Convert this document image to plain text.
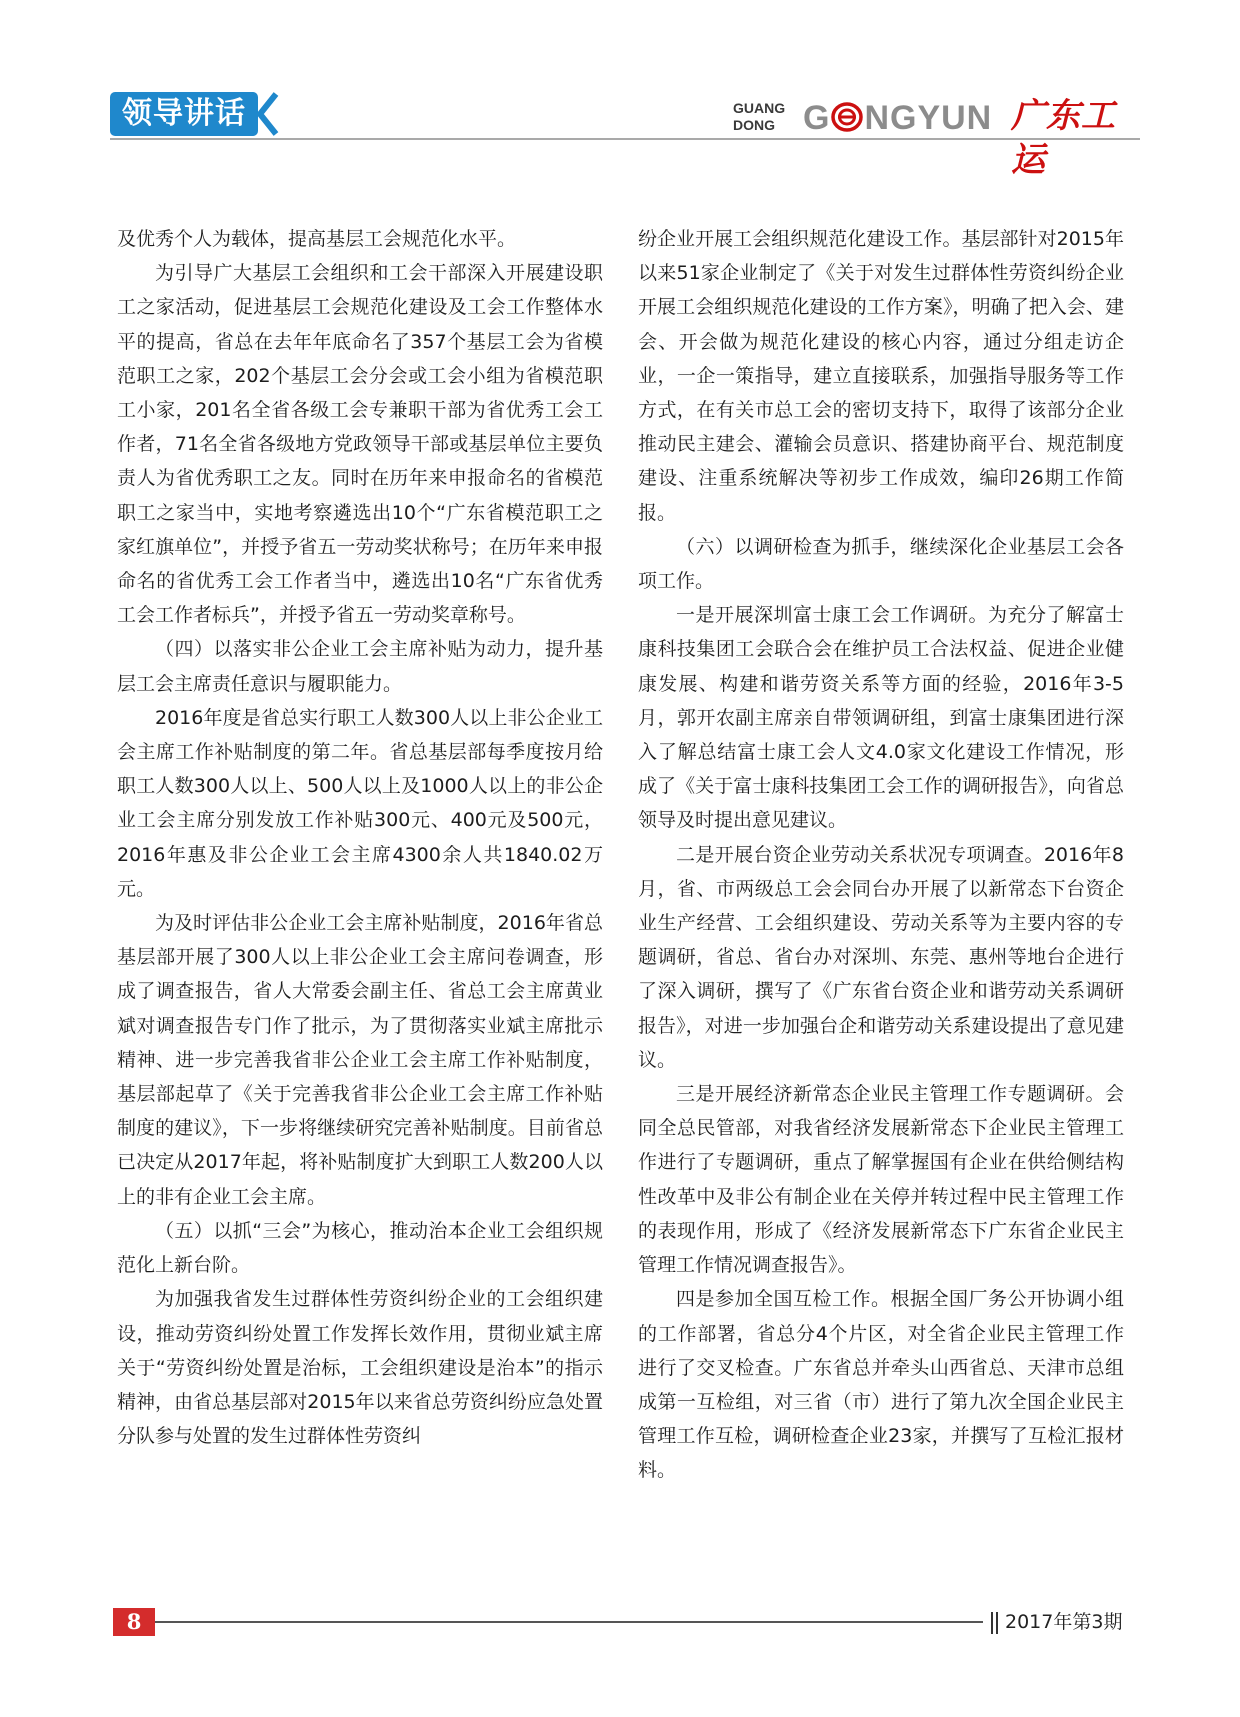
领导讲话	GUANG
DONG G NGYUN 广东工运

及优秀个人为载体，提高基层工会规范化水平。

为引导广大基层工会组织和工会干部深入开展建设职工之家活动，促进基层工会规范化建设及工会工作整体水平的提高，省总在去年年底命名了357个基层工会为省模范职工之家，202个基层工会分会或工会小组为省模范职工小家，201名全省各级工会专兼职干部为省优秀工会工作者，71名全省各级地方党政领导干部或基层单位主要负责人为省优秀职工之友。同时在历年来申报命名的省模范职工之家当中，实地考察遴选出10个“广东省模范职工之家红旗单位”，并授予省五一劳动奖状称号；在历年来申报命名的省优秀工会工作者当中，遴选出10名“广东省优秀工会工作者标兵”，并授予省五一劳动奖章称号。

（四）以落实非公企业工会主席补贴为动力，提升基层工会主席责任意识与履职能力。

2016年度是省总实行职工人数300人以上非公企业工会主席工作补贴制度的第二年。省总基层部每季度按月给职工人数300人以上、500人以上及1000人以上的非公企业工会主席分别发放工作补贴300元、400元及500元，2016年惠及非公企业工会主席4300余人共1840.02万元。

为及时评估非公企业工会主席补贴制度，2016年省总基层部开展了300人以上非公企业工会主席问卷调查，形成了调查报告，省人大常委会副主任、省总工会主席黄业斌对调查报告专门作了批示，为了贯彻落实业斌主席批示精神、进一步完善我省非公企业工会主席工作补贴制度，基层部起草了《关于完善我省非公企业工会主席工作补贴制度的建议》，下一步将继续研究完善补贴制度。目前省总已决定从2017年起，将补贴制度扩大到职工人数200人以上的非有企业工会主席。

（五）以抓“三会”为核心，推动治本企业工会组织规范化上新台阶。

为加强我省发生过群体性劳资纠纷企业的工会组织建设，推动劳资纠纷处置工作发挥长效作用，贯彻业斌主席关于“劳资纠纷处置是治标，工会组织建设是治本”的指示精神，由省总基层部对2015年以来省总劳资纠纷应急处置分队参与处置的发生过群体性劳资纠

纷企业开展工会组织规范化建设工作。基层部针对2015年以来51家企业制定了《关于对发生过群体性劳资纠纷企业开展工会组织规范化建设的工作方案》，明确了把入会、建会、开会做为规范化建设的核心内容，通过分组走访企业，一企一策指导，建立直接联系，加强指导服务等工作方式，在有关市总工会的密切支持下，取得了该部分企业推动民主建会、灌输会员意识、搭建协商平台、规范制度建设、注重系统解决等初步工作成效，编印26期工作简报。

（六）以调研检查为抓手，继续深化企业基层工会各项工作。

一是开展深圳富士康工会工作调研。为充分了解富士康科技集团工会联合会在维护员工合法权益、促进企业健康发展、构建和谐劳资关系等方面的经验，2016年3-5月，郭开农副主席亲自带领调研组，到富士康集团进行深入了解总结富士康工会人文4.0家文化建设工作情况，形成了《关于富士康科技集团工会工作的调研报告》，向省总领导及时提出意见建议。

二是开展台资企业劳动关系状况专项调查。2016年8月，省、市两级总工会会同台办开展了以新常态下台资企业生产经营、工会组织建设、劳动关系等为主要内容的专题调研，省总、省台办对深圳、东莞、惠州等地台企进行了深入调研，撰写了《广东省台资企业和谐劳动关系调研报告》，对进一步加强台企和谐劳动关系建设提出了意见建议。

三是开展经济新常态企业民主管理工作专题调研。会同全总民管部，对我省经济发展新常态下企业民主管理工作进行了专题调研，重点了解掌握国有企业在供给侧结构性改革中及非公有制企业在关停并转过程中民主管理工作的表现作用，形成了《经济发展新常态下广东省企业民主管理工作情况调查报告》。

四是参加全国互检工作。根据全国厂务公开协调小组的工作部署，省总分4个片区，对全省企业民主管理工作进行了交叉检查。广东省总并牵头山西省总、天津市总组成第一互检组，对三省（市）进行了第九次全国企业民主管理工作互检，调研检查企业23家，并撰写了互检汇报材料。

8	2017年第3期
